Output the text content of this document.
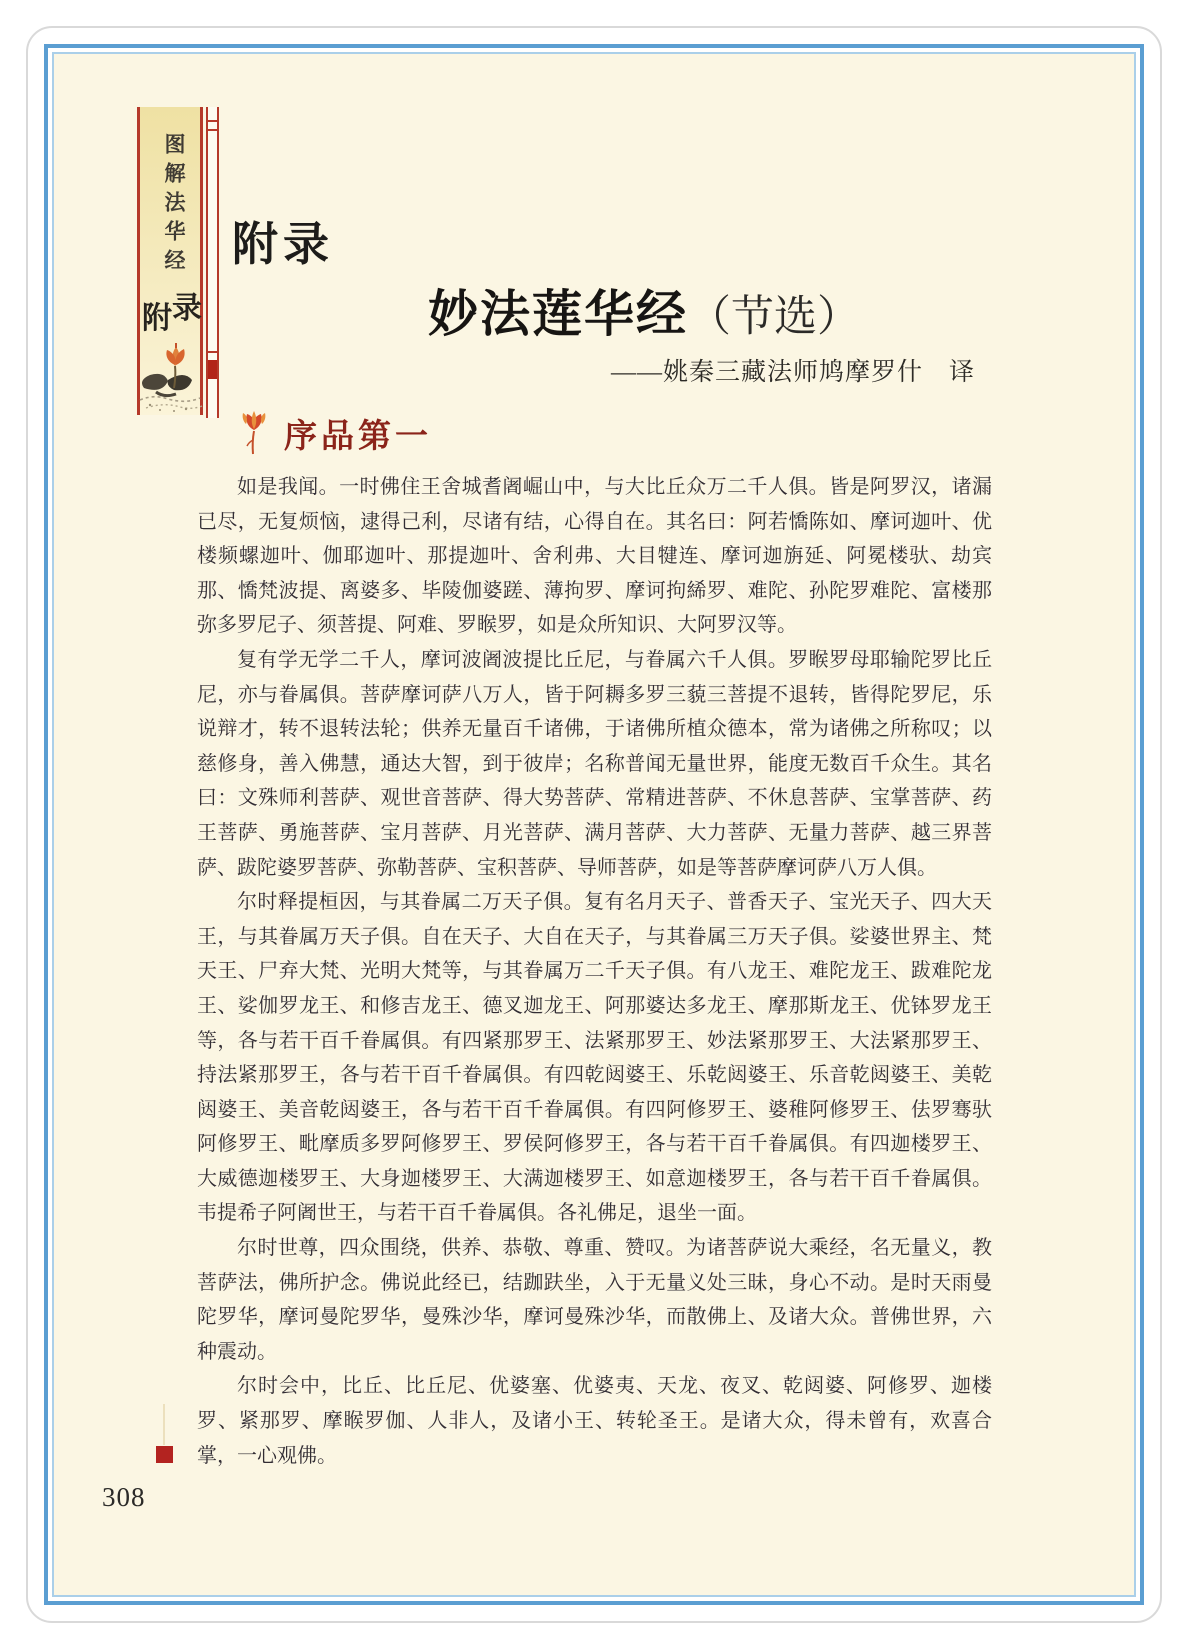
图解法华经
附 录
附录
妙法莲华经（节选）
——姚秦三藏法师鸠摩罗什　译
序品第一

如是我闻。一时佛住王舍城耆阇崛山中，与大比丘众万二千人俱。皆是阿罗汉，诸漏已尽，无复烦恼，逮得己利，尽诸有结，心得自在。其名曰：阿若憍陈如、摩诃迦叶、优楼频螺迦叶、伽耶迦叶、那提迦叶、舍利弗、大目犍连、摩诃迦旃延、阿冕楼驮、劫宾那、憍梵波提、离婆多、毕陵伽婆蹉、薄拘罗、摩诃拘絺罗、难陀、孙陀罗难陀、富楼那弥多罗尼子、须菩提、阿难、罗睺罗，如是众所知识、大阿罗汉等。

复有学无学二千人，摩诃波阇波提比丘尼，与眷属六千人俱。罗睺罗母耶输陀罗比丘尼，亦与眷属俱。菩萨摩诃萨八万人，皆于阿耨多罗三藐三菩提不退转，皆得陀罗尼，乐说辩才，转不退转法轮；供养无量百千诸佛，于诸佛所植众德本，常为诸佛之所称叹；以慈修身，善入佛慧，通达大智，到于彼岸；名称普闻无量世界，能度无数百千众生。其名曰：文殊师利菩萨、观世音菩萨、得大势菩萨、常精进菩萨、不休息菩萨、宝掌菩萨、药王菩萨、勇施菩萨、宝月菩萨、月光菩萨、满月菩萨、大力菩萨、无量力菩萨、越三界菩萨、跋陀婆罗菩萨、弥勒菩萨、宝积菩萨、导师菩萨，如是等菩萨摩诃萨八万人俱。

尔时释提桓因，与其眷属二万天子俱。复有名月天子、普香天子、宝光天子、四大天王，与其眷属万天子俱。自在天子、大自在天子，与其眷属三万天子俱。娑婆世界主、梵天王、尸弃大梵、光明大梵等，与其眷属万二千天子俱。有八龙王、难陀龙王、跋难陀龙王、娑伽罗龙王、和修吉龙王、德叉迦龙王、阿那婆达多龙王、摩那斯龙王、优钵罗龙王等，各与若干百千眷属俱。有四紧那罗王、法紧那罗王、妙法紧那罗王、大法紧那罗王、持法紧那罗王，各与若干百千眷属俱。有四乾闼婆王、乐乾闼婆王、乐音乾闼婆王、美乾闼婆王、美音乾闼婆王，各与若干百千眷属俱。有四阿修罗王、婆稚阿修罗王、佉罗骞驮阿修罗王、毗摩质多罗阿修罗王、罗侯阿修罗王，各与若干百千眷属俱。有四迦楼罗王、大威德迦楼罗王、大身迦楼罗王、大满迦楼罗王、如意迦楼罗王，各与若干百千眷属俱。韦提希子阿阇世王，与若干百千眷属俱。各礼佛足，退坐一面。

尔时世尊，四众围绕，供养、恭敬、尊重、赞叹。为诸菩萨说大乘经，名无量义，教菩萨法，佛所护念。佛说此经已，结跏趺坐，入于无量义处三昧，身心不动。是时天雨曼陀罗华，摩诃曼陀罗华，曼殊沙华，摩诃曼殊沙华，而散佛上、及诸大众。普佛世界，六种震动。

尔时会中，比丘、比丘尼、优婆塞、优婆夷、天龙、夜叉、乾闼婆、阿修罗、迦楼罗、紧那罗、摩睺罗伽、人非人，及诸小王、转轮圣王。是诸大众，得未曾有，欢喜合掌，一心观佛。

308
